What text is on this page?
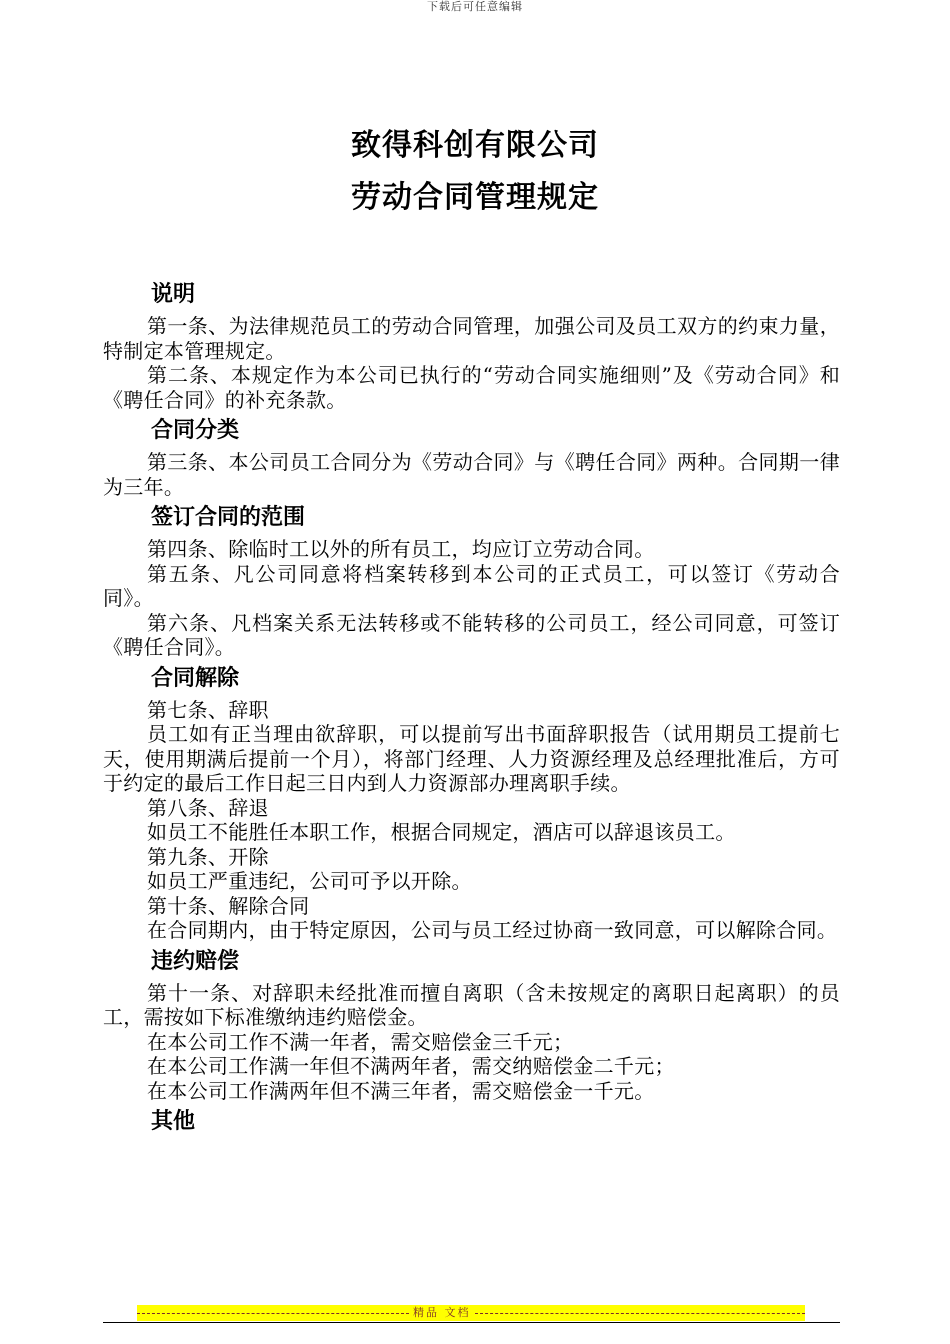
下载后可任意编辑
致得科创有限公司
劳动合同管理规定
说明

第一条、为法律规范员工的劳动合同管理，加强公司及员工双方的约束力量，特制定本管理规定。

第二条、本规定作为本公司已执行的“劳动合同实施细则”及《劳动合同》和《聘任合同》的补充条款。

合同分类

第三条、本公司员工合同分为《劳动合同》与《聘任合同》两种。合同期一律为三年。

签订合同的范围

第四条、除临时工以外的所有员工，均应订立劳动合同。

第五条、凡公司同意将档案转移到本公司的正式员工，可以签订《劳动合同》。

第六条、凡档案关系无法转移或不能转移的公司员工，经公司同意，可签订《聘任合同》。

合同解除

第七条、辞职

员工如有正当理由欲辞职，可以提前写出书面辞职报告（试用期员工提前七天，使用期满后提前一个月），将部门经理、人力资源经理及总经理批准后，方可于约定的最后工作日起三日内到人力资源部办理离职手续。

第八条、辞退

如员工不能胜任本职工作，根据合同规定，酒店可以辞退该员工。

第九条、开除

如员工严重违纪，公司可予以开除。

第十条、解除合同

在合同期内，由于特定原因，公司与员工经过协商一致同意，可以解除合同。

违约赔偿

第十一条、对辞职未经批准而擅自离职（含未按规定的离职日起离职）的员工，需按如下标准缴纳违约赔偿金。

在本公司工作不满一年者，需交赔偿金三千元；

在本公司工作满一年但不满两年者，需交纳赔偿金二千元；

在本公司工作满两年但不满三年者，需交赔偿金一千元。

其他
精品 文档
